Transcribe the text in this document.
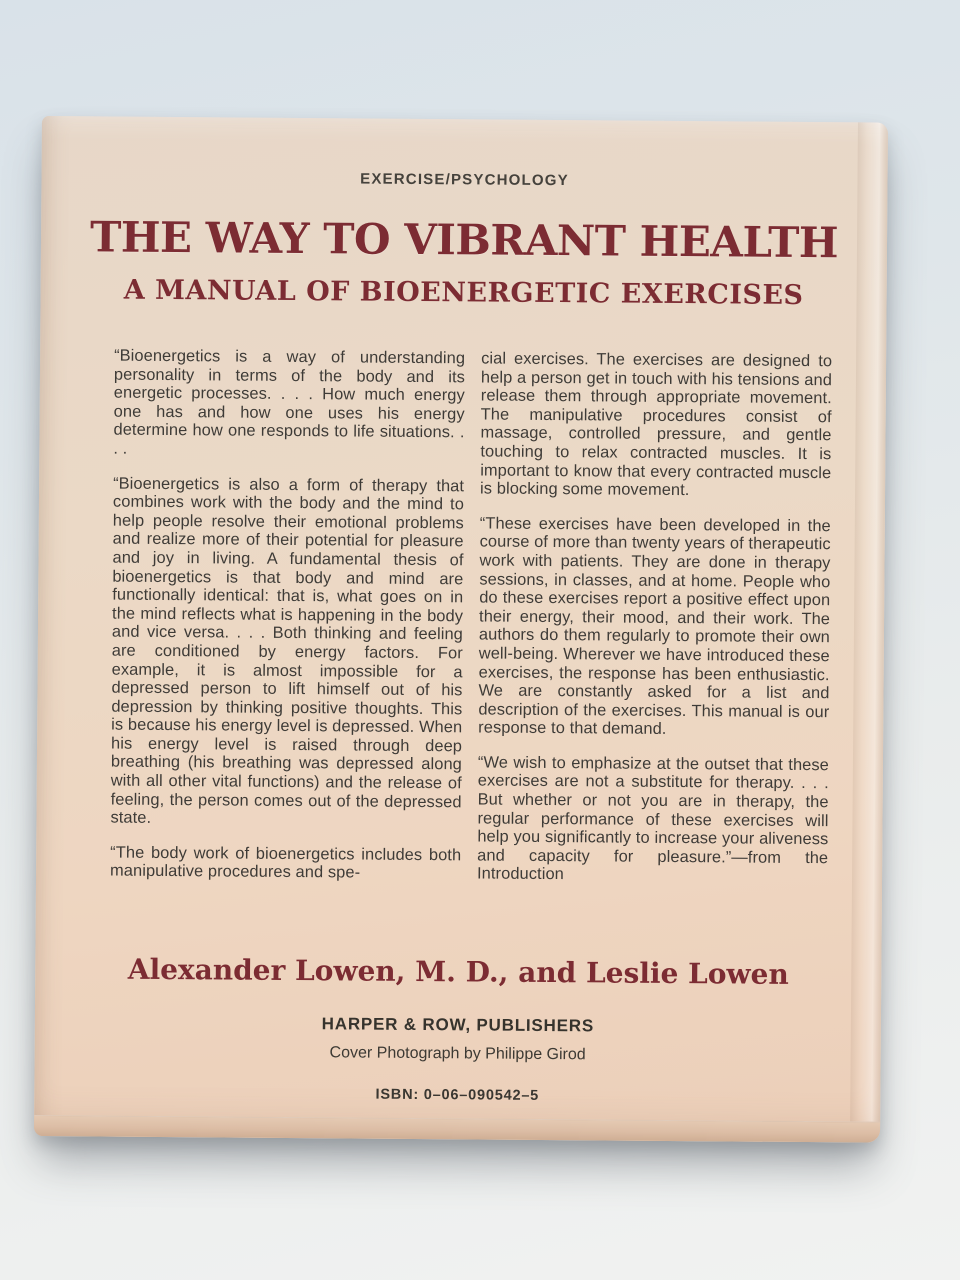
EXERCISE/PSYCHOLOGY
THE WAY TO VIBRANT HEALTH
A MANUAL OF BIOENERGETIC EXERCISES

“Bioenergetics is a way of understanding personality in terms of the body and its energetic processes. . . . How much energy one has and how one uses his energy determine how one responds to life situations. . . .

“Bioenergetics is also a form of therapy that combines work with the body and the mind to help people resolve their emotional problems and realize more of their potential for pleasure and joy in living. A fundamental thesis of bioenergetics is that body and mind are functionally identical: that is, what goes on in the mind reflects what is happening in the body and vice versa. . . . Both thinking and feeling are conditioned by energy factors. For example, it is almost impossible for a depressed person to lift himself out of his depression by thinking positive thoughts. This is because his energy level is depressed. When his energy level is raised through deep breathing (his breathing was depressed along with all other vital functions) and the release of feeling, the person comes out of the depressed state.

“The body work of bioenergetics includes both manipulative procedures and spe-

cial exercises. The exercises are designed to help a person get in touch with his tensions and release them through appropriate movement. The manipulative procedures consist of massage, controlled pressure, and gentle touching to relax contracted muscles. It is important to know that every contracted muscle is blocking some movement.

“These exercises have been developed in the course of more than twenty years of therapeutic work with patients. They are done in therapy sessions, in classes, and at home. People who do these exercises report a positive effect upon their energy, their mood, and their work. The authors do them regularly to promote their own well-being. Wherever we have introduced these exercises, the response has been enthusiastic. We are constantly asked for a list and description of the exercises. This manual is our response to that demand.

“We wish to emphasize at the outset that these exercises are not a substitute for therapy. . . . But whether or not you are in therapy, the regular performance of these exercises will help you significantly to increase your aliveness and capacity for pleasure.”—from the Introduction

Alexander Lowen, M. D., and Leslie Lowen
HARPER & ROW, PUBLISHERS
Cover Photograph by Philippe Girod
ISBN: 0–06–090542–5
